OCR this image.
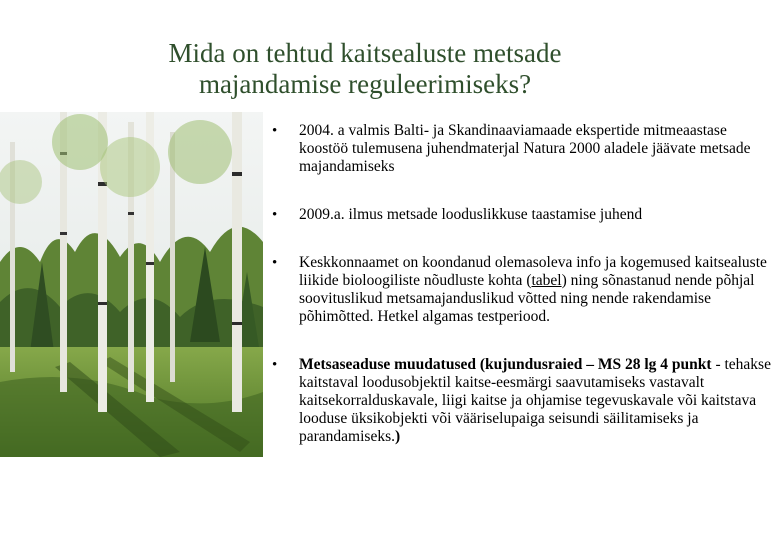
Mida on tehtud kaitsealuste metsade
majandamise reguleerimiseks?
• 2004. a valmis Balti- ja Skandinaaviamaade ekspertide mitmeaastase koostöö tulemusena juhendmaterjal Natura 2000 aladele jäävate metsade majandamiseks
• 2009.a. ilmus metsade looduslikkuse taastamise juhend
• Keskkonnaamet on koondanud olemasoleva info ja kogemused kaitsealuste liikide bioloogiliste nõudluste kohta (tabel) ning sõnastanud nende põhjal soovituslikud metsamajanduslikud võtted ning nende rakendamise põhimõtted. Hetkel algamas testperiood.
• Metsaseaduse muudatused (kujundusraied – MS 28 lg 4 punkt - tehakse kaitstaval loodusobjektil kaitse-eesmärgi saavutamiseks vastavalt kaitsekorralduskavale, liigi kaitse ja ohjamise tegevuskavale või kaitstava looduse üksikobjekti või vääriselupaiga seisundi säilitamiseks ja parandamiseks.)
